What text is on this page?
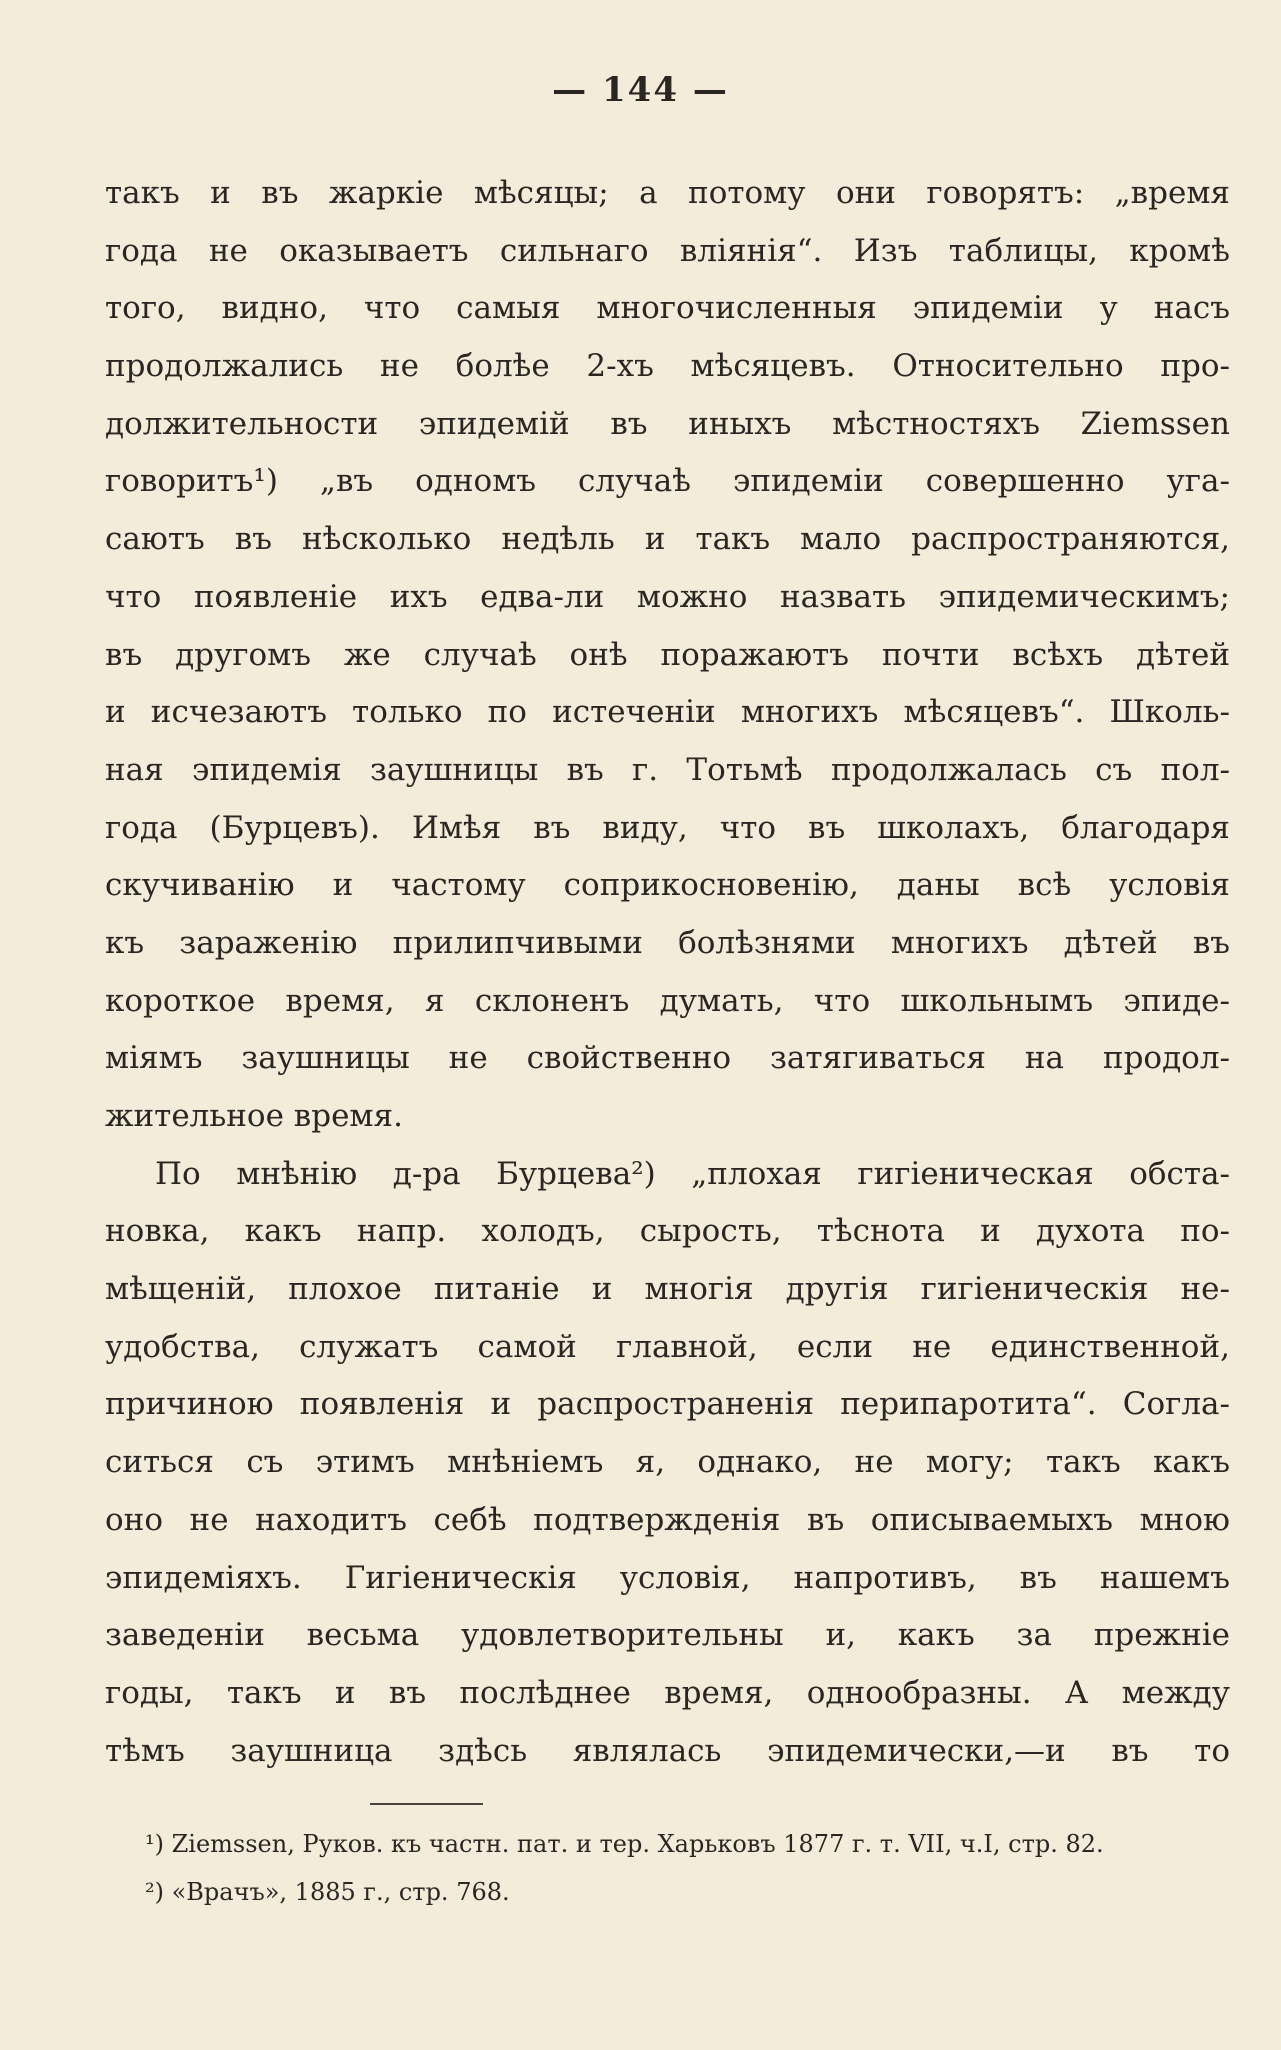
— 144 —
такъ и въ жаркіе мѣсяцы; а потому они говорятъ: „время
года не оказываетъ сильнаго вліянія“. Изъ таблицы, кромѣ
того, видно, что самыя многочисленныя эпидеміи у насъ
продолжались не болѣе 2-хъ мѣсяцевъ. Относительно про-
должительности эпидемій въ иныхъ мѣстностяхъ Ziemssen
говоритъ¹) „въ одномъ случаѣ эпидеміи совершенно уга-
саютъ въ нѣсколько недѣль и такъ мало распространяются,
что появленіе ихъ едва-ли можно назвать эпидемическимъ;
въ другомъ же случаѣ онѣ поражаютъ почти всѣхъ дѣтей
и исчезаютъ только по истеченіи многихъ мѣсяцевъ“. Школь-
ная эпидемія заушницы въ г. Тотьмѣ продолжалась съ пол-
года (Бурцевъ). Имѣя въ виду, что въ школахъ, благодаря
скучиванію и частому соприкосновенію, даны всѣ условія
къ зараженію прилипчивыми болѣзнями многихъ дѣтей въ
короткое время, я склоненъ думать, что школьнымъ эпиде-
міямъ заушницы не свойственно затягиваться на продол-
жительное время.
По мнѣнію д-ра Бурцева²) „плохая гигіеническая обста-
новка, какъ напр. холодъ, сырость, тѣснота и духота по-
мѣщеній, плохое питаніе и многія другія гигіеническія не-
удобства, служатъ самой главной, если не единственной,
причиною появленія и распространенія перипаротита“. Согла-
ситься съ этимъ мнѣніемъ я, однако, не могу; такъ какъ
оно не находитъ себѣ подтвержденія въ описываемыхъ мною
эпидеміяхъ. Гигіеническія условія, напротивъ, въ нашемъ
заведеніи весьма удовлетворительны и, какъ за прежніе
годы, такъ и въ послѣднее время, однообразны. А между
тѣмъ заушница здѣсь являлась эпидемически,—и въ то
¹) Ziemssen, Руков. къ частн. пат. и тер. Харьковъ 1877 г. т. VII, ч.I, стр. 82.
²) «Врачъ», 1885 г., стр. 768.
